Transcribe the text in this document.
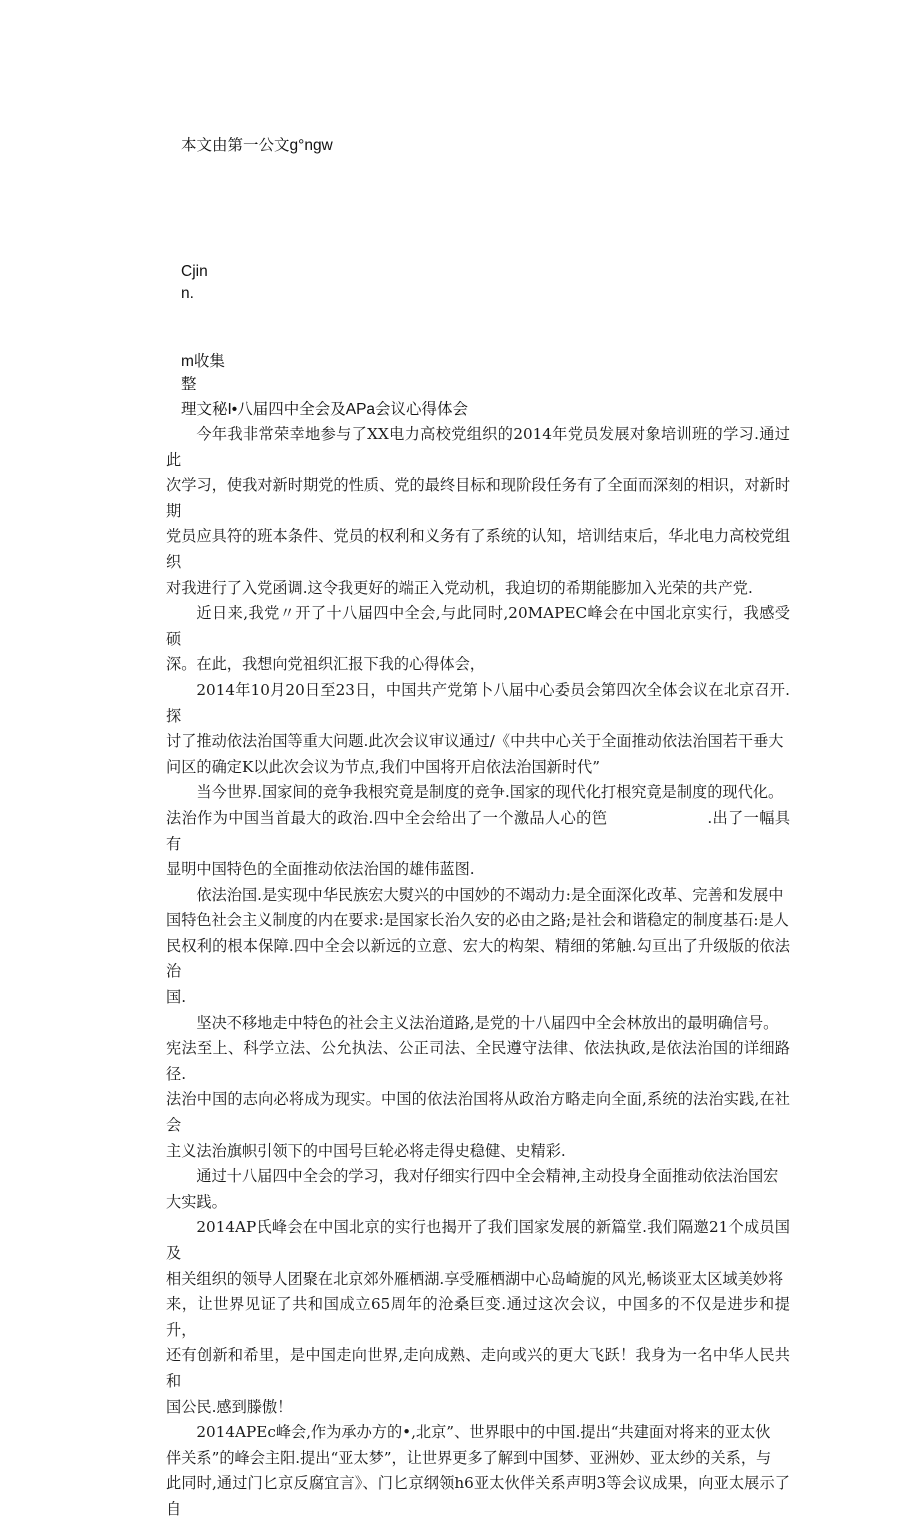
本文由第一公文g°ngw
Cjin
n.
m收集
整
理文秘I•八届四中全会及APa会议心得体会

今年我非常荣幸地参与了XX电力高校党组织的2014年党员发展对象培训班的学习.通过此
次学习，使我对新时期党的性质、党的最终目标和现阶段任务有了全面而深刻的相识，对新时期
党员应具符的班本条件、党员的权利和义务有了系统的认知，培训结束后，华北电力高校党组织
对我进行了入党函调.这令我更好的端正入党动机，我迫切的希期能膨加入光荣的共产党.

近日来,我党〃开了十八届四中全会,与此同时,20MAPEC峰会在中国北京实行，我感受硕
深。在此，我想向党祖织汇报下我的心得体会，

2014年10月20日至23日，中国共产党第卜八届中心委员会第四次全体会议在北京召开.探
讨了推动依法治国等重大问题.此次会议审议通过/《中共中心关于全面推动依法治国若干垂大
问区的确定K以此次会议为节点,我们中国将开启依法治国新时代”

当今世界.国家间的竞争我根究竟是制度的竞争.国家的现代化打根究竟是制度的现代化。
法治作为中国当首最大的政治.四中全会给出了一个激品人心的笆	.出了一幅具有
显明中国特色的全面推动依法治国的雄伟蓝图.

依法治国.是实现中华民族宏大熨兴的中国妙的不竭动力:是全面深化改革、完善和发展中
国特色社会主义制度的内在要求:是国家长治久安的必由之路;是社会和谐稳定的制度基石:是人
民权利的根本保障.四中全会以新远的立意、宏大的构架、精细的笫触.勾亘出了升级版的依法治
国.

坚决不移地走中特色的社会主义法治道路,是党的十八届四中全会林放出的最明确信号。
宪法至上、科学立法、公允执法、公正司法、全民遵守法律、依法执政,是依法治国的详细路径.
法治中国的志向必将成为现实。中国的依法治国将从政治方略走向全面,系统的法治实践,在社会
主义法治旗帜引领下的中国号巨轮必将走得史稳健、史精彩.

通过十八届四中全会的学习，我对仔细实行四中全会精神,主动投身全面推动依法治国宏
大实践。

2014AP氏峰会在中国北京的实行也揭开了我们国家发展的新篇堂.我们隔邀21个成员国及
相关组织的领导人团聚在北京郊外雁栖湖.享受雁栖湖中心岛崎旎的风光,畅谈亚太区域美妙将
来，让世界见证了共和国成立65周年的沧桑巨变.通过这次会议，中国多的不仅是进步和提升，
还有创新和希里，是中国走向世界,走向成熟、走向或兴的更大飞跃！我身为一名中华人民共和
国公民.感到滕傲！

2014APEc峰会,作为承办方的•,北京”、世界眼中的中国.提出“共建面对将来的亚太伙
伴关系”的峰会主阳.提出“亚太梦”，让世界更多了解到中国梦、亚洲妙、亚太纱的关系，与
此同时,通过门匕京反腐宜言》、门匕京纲领h6亚太伙伴关系声明3等会议成果，向亚太展示了自
